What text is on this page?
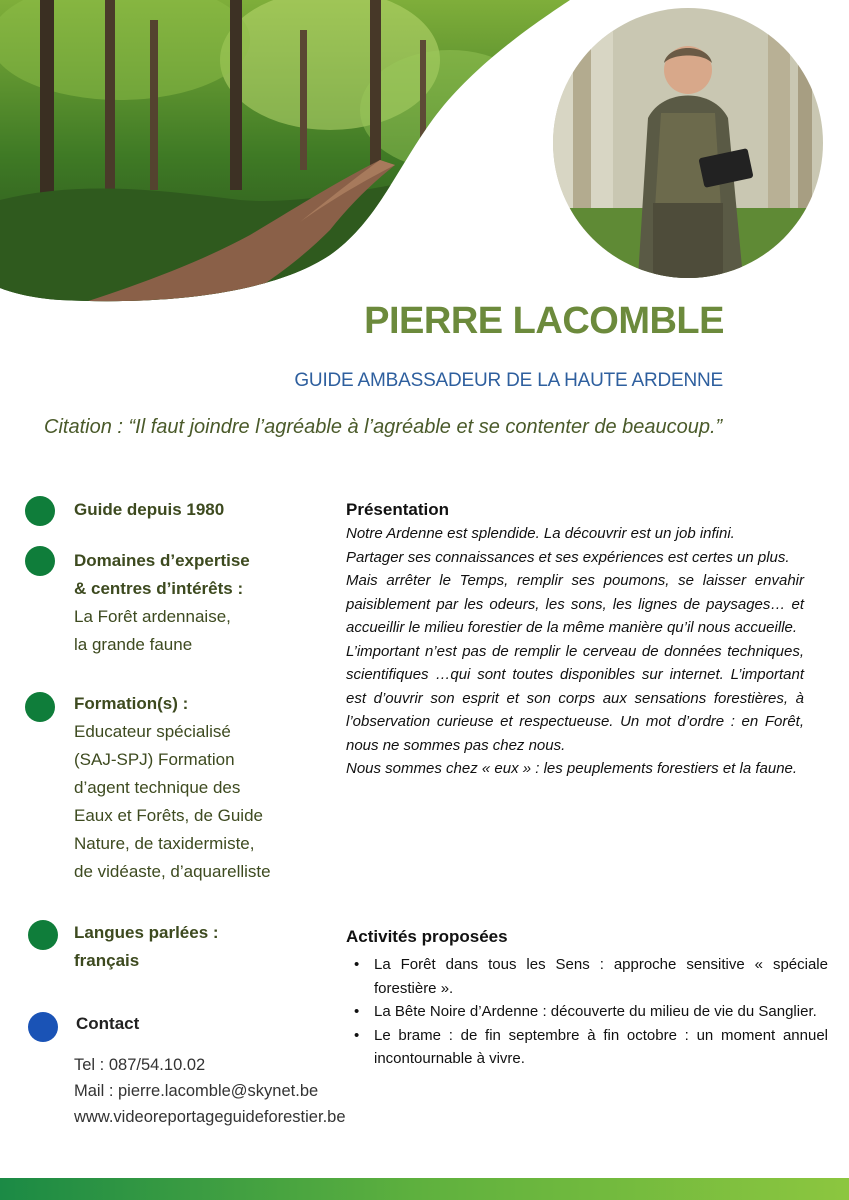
PIERRE LACOMBLE
GUIDE AMBASSADEUR DE LA HAUTE ARDENNE
Citation : “Il faut joindre l’agréable à l’agréable et se contenter de beaucoup.”
Guide depuis 1980
Domaines d’expertise
& centres d’intérêts :
La Forêt ardennaise,
la grande faune
Formation(s) :
Educateur spécialisé
(SAJ-SPJ) Formation
d’agent technique des
Eaux et Forêts, de Guide
Nature, de taxidermiste,
de vidéaste, d’aquarelliste
Langues parlées :
français
Contact
Tel : 087/54.10.02
Mail : pierre.lacomble@skynet.be
www.videoreportageguideforestier.be
Présentation

Notre Ardenne est splendide. La découvrir est un job infini.

Partager ses connaissances et ses expériences est certes un plus.

Mais arrêter le Temps, remplir ses poumons, se laisser envahir paisiblement par les odeurs, les sons, les lignes de paysages… et accueillir le milieu forestier de la même manière qu’il nous accueille.

L’important n’est pas de remplir le cerveau de données techniques, scientifiques …qui sont toutes disponibles sur internet. L’important est d’ouvrir son esprit et son corps aux sensations forestières, à l’observation curieuse et respectueuse. Un mot d’ordre : en Forêt, nous ne sommes pas chez nous.

Nous sommes chez « eux » : les peuplements forestiers et la faune.

Activités proposées
• La Forêt dans tous les Sens : approche sensitive « spéciale forestière ».
• La Bête Noire d’Ardenne : découverte du milieu de vie du Sanglier.
• Le brame : de fin septembre à fin octobre : un moment annuel incontournable à vivre.
